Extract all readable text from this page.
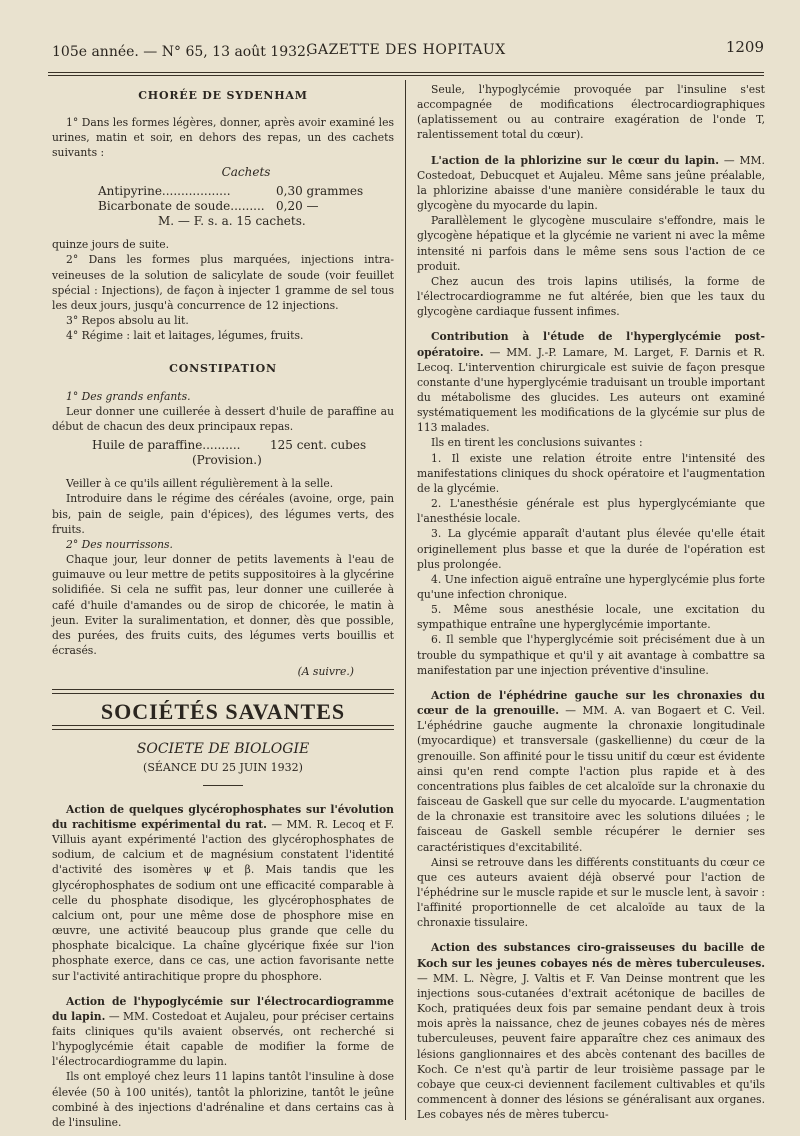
105e année. — N° 65, 13 août 1932.
GAZETTE DES HOPITAUX	1209
CHORÉE DE SYDENHAM

1° Dans les formes légères, donner, après avoir examiné les urines, matin et soir, en dehors des repas, un des cachets suivants :

Cachets
Antipyrine..................	0,30 grammes
Bicarbonate de soude......... 0,20 —
M. — F. s. a. 15 cachets.

quinze jours de suite.

2° Dans les formes plus marquées, injections intra-veineuses de la solution de salicylate de soude (voir feuillet spécial : Injections), de façon à injecter 1 gramme de sel tous les deux jours, jusqu'à concurrence de 12 injections.

3° Repos absolu au lit.

4° Régime : lait et laitages, légumes, fruits.

CONSTIPATION

1° Des grands enfants.

Leur donner une cuillerée à dessert d'huile de paraffine au début de chacun des deux principaux repas.

Huile de paraffine..........	125 cent. cubes
(Provision.)

Veiller à ce qu'ils aillent régulièrement à la selle.

Introduire dans le régime des céréales (avoine, orge, pain bis, pain de seigle, pain d'épices), des légumes verts, des fruits.

2° Des nourrissons.

Chaque jour, leur donner de petits lavements à l'eau de guimauve ou leur mettre de petits suppositoires à la glycérine solidifiée. Si cela ne suffit pas, leur donner une cuillerée à café d'huile d'amandes ou de sirop de chicorée, le matin à jeun. Eviter la suralimentation, et donner, dès que possible, des purées, des fruits cuits, des légumes verts bouillis et écrasés.

(A suivre.)
SOCIÉTÉS SAVANTES
SOCIETE DE BIOLOGIE
(SÉANCE DU 25 JUIN 1932)

Action de quelques glycérophosphates sur l'évolution du rachitisme expérimental du rat. — MM. R. Lecoq et F. Villuis ayant expérimenté l'action des glycérophosphates de sodium, de calcium et de magnésium constatent l'identité d'activité des isomères ψ et β. Mais tandis que les glycérophosphates de sodium ont une efficacité comparable à celle du phosphate disodique, les glycérophosphates de calcium ont, pour une même dose de phosphore mise en œuvre, une activité beaucoup plus grande que celle du phosphate bicalcique. La chaîne glycérique fixée sur l'ion phosphate exerce, dans ce cas, une action favorisante nette sur l'activité antirachitique propre du phosphore.

Action de l'hypoglycémie sur l'électrocardiogramme du lapin. — MM. Costedoat et Aujaleu, pour préciser certains faits cliniques qu'ils avaient observés, ont recherché si l'hypoglycémie était capable de modifier la forme de l'électrocardiogramme du lapin.

Ils ont employé chez leurs 11 lapins tantôt l'insuline à dose élevée (50 à 100 unités), tantôt la phlorizine, tantôt le jeûne combiné à des injections d'adrénaline et dans certains cas à de l'insuline.

Seule, l'hypoglycémie provoquée par l'insuline s'est accompagnée de modifications électrocardiographiques (aplatissement ou au contraire exagération de l'onde T, ralentissement total du cœur).

L'action de la phlorizine sur le cœur du lapin. — MM. Costedoat, Debucquet et Aujaleu. Même sans jeûne préalable, la phlorizine abaisse d'une manière considérable le taux du glycogène du myocarde du lapin.

Parallèlement le glycogène musculaire s'effondre, mais le glycogène hépatique et la glycémie ne varient ni avec la même intensité ni parfois dans le même sens sous l'action de ce produit.

Chez aucun des trois lapins utilisés, la forme de l'électrocardiogramme ne fut altérée, bien que les taux du glycogène cardiaque fussent infimes.

Contribution à l'étude de l'hyperglycémie post-opératoire. — MM. J.-P. Lamare, M. Larget, F. Darnis et R. Lecoq. L'intervention chirurgicale est suivie de façon presque constante d'une hyperglycémie traduisant un trouble important du métabolisme des glucides. Les auteurs ont examiné systématiquement les modifications de la glycémie sur plus de 113 malades.

Ils en tirent les conclusions suivantes :

1. Il existe une relation étroite entre l'intensité des manifestations cliniques du shock opératoire et l'augmentation de la glycémie.

2. L'anesthésie générale est plus hyperglycémiante que l'anesthésie locale.

3. La glycémie apparaît d'autant plus élevée qu'elle était originellement plus basse et que la durée de l'opération est plus prolongée.

4. Une infection aiguë entraîne une hyperglycémie plus forte qu'une infection chronique.

5. Même sous anesthésie locale, une excitation du sympathique entraîne une hyperglycémie importante.

6. Il semble que l'hyperglycémie soit précisément due à un trouble du sympathique et qu'il y ait avantage à combattre sa manifestation par une injection préventive d'insuline.

Action de l'éphédrine gauche sur les chronaxies du cœur de la grenouille. — MM. A. van Bogaert et C. Veil. L'éphédrine gauche augmente la chronaxie longitudinale (myocardique) et transversale (gaskellienne) du cœur de la grenouille. Son affinité pour le tissu unitif du cœur est évidente ainsi qu'en rend compte l'action plus rapide et à des concentrations plus faibles de cet alcaloïde sur la chronaxie du faisceau de Gaskell que sur celle du myocarde. L'augmentation de la chronaxie est transitoire avec les solutions diluées ; le faisceau de Gaskell semble récupérer le dernier ses caractéristiques d'excitabilité.

Ainsi se retrouve dans les différents constituants du cœur ce que ces auteurs avaient déjà observé pour l'action de l'éphédrine sur le muscle rapide et sur le muscle lent, à savoir : l'affinité proportionnelle de cet alcaloïde au taux de la chronaxie tissulaire.

Action des substances ciro-graisseuses du bacille de Koch sur les jeunes cobayes nés de mères tuberculeuses. — MM. L. Nègre, J. Valtis et F. Van Deinse montrent que les injections sous-cutanées d'extrait acétonique de bacilles de Koch, pratiquées deux fois par semaine pendant deux à trois mois après la naissance, chez de jeunes cobayes nés de mères tuberculeuses, peuvent faire apparaître chez ces animaux des lésions ganglionnaires et des abcès contenant des bacilles de Koch. Ce n'est qu'à partir de leur troisième passage par le cobaye que ceux-ci deviennent facilement cultivables et qu'ils commencent à donner des lésions se généralisant aux organes. Les cobayes nés de mères tubercu-
